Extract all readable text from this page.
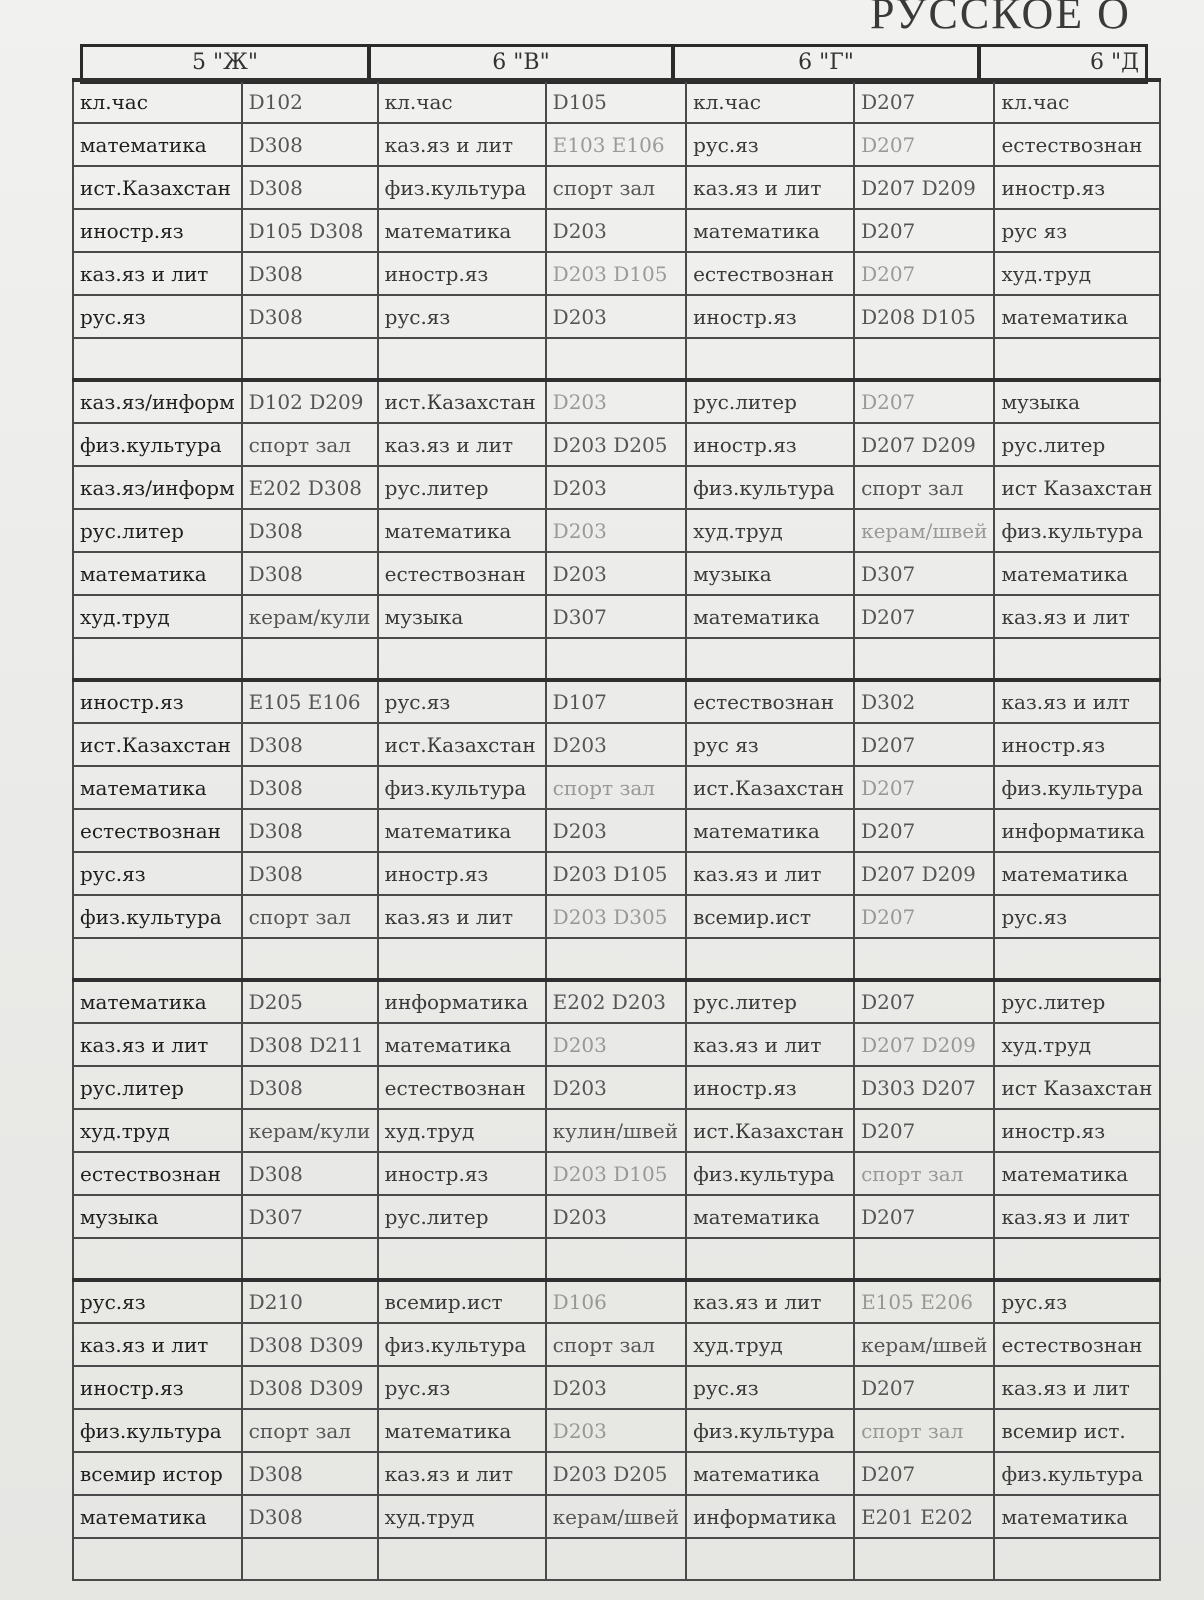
РУССКОЕ О
5 "Ж"	6 "В"	6 "Г"	6 "Д
кл.час	D102	кл.час	D105	кл.час	D207	кл.час
математика	D308	каз.яз и лит	E103 E106	рус.яз	D207	естествознан
ист.Казахстан	D308	физ.культура	спорт зал	каз.яз и лит	D207 D209	иностр.яз
иностр.яз	D105 D308	математика	D203	математика	D207	рус яз
каз.яз и лит	D308	иностр.яз	D203 D105	естествознан	D207	худ.труд
рус.яз	D308	рус.яз	D203	иностр.яз	D208 D105	математика

каз.яз/информ	D102 D209	ист.Казахстан	D203	рус.литер	D207	музыка
физ.культура	спорт зал	каз.яз и лит	D203 D205	иностр.яз	D207 D209	рус.литер
каз.яз/информ	E202 D308	рус.литер	D203	физ.культура	спорт зал	ист Казахстан
рус.литер	D308	математика	D203	худ.труд	керам/швей	физ.культура
математика	D308	естествознан	D203	музыка	D307	математика
худ.труд	керам/кули	музыка	D307	математика	D207	каз.яз и лит

иностр.яз	E105 E106	рус.яз	D107	естествознан	D302	каз.яз и илт
ист.Казахстан	D308	ист.Казахстан	D203	рус яз	D207	иностр.яз
математика	D308	физ.культура	спорт зал	ист.Казахстан	D207	физ.культура
естествознан	D308	математика	D203	математика	D207	информатика
рус.яз	D308	иностр.яз	D203 D105	каз.яз и лит	D207 D209	математика
физ.культура	спорт зал	каз.яз и лит	D203 D305	всемир.ист	D207	рус.яз

математика	D205	информатика	E202 D203	рус.литер	D207	рус.литер
каз.яз и лит	D308 D211	математика	D203	каз.яз и лит	D207 D209	худ.труд
рус.литер	D308	естествознан	D203	иностр.яз	D303 D207	ист Казахстан
худ.труд	керам/кули	худ.труд	кулин/швей	ист.Казахстан	D207	иностр.яз
естествознан	D308	иностр.яз	D203 D105	физ.культура	спорт зал	математика
музыка	D307	рус.литер	D203	математика	D207	каз.яз и лит

рус.яз	D210	всемир.ист	D106	каз.яз и лит	E105 E206	рус.яз
каз.яз и лит	D308 D309	физ.культура	спорт зал	худ.труд	керам/швей	естествознан
иностр.яз	D308 D309	рус.яз	D203	рус.яз	D207	каз.яз и лит
физ.культура	спорт зал	математика	D203	физ.культура	спорт зал	всемир ист.
всемир истор	D308	каз.яз и лит	D203 D205	математика	D207	физ.культура
математика	D308	худ.труд	керам/швей	информатика	E201 E202	математика
